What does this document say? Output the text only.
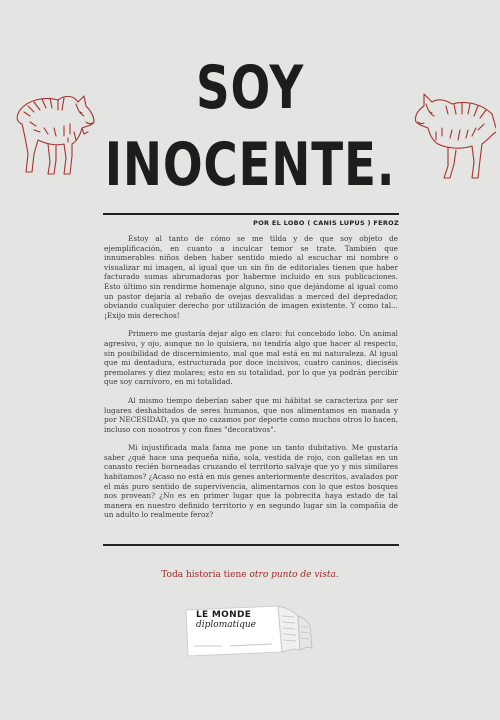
SOY
INOCENTE.
POR EL LOBO ( CANIS LUPUS ) FEROZ

Estoy al tanto de cómo se me tilda y de que soy objeto de ejemplificación, en cuanto a inculcar temor se trate. También que innumerables niños deben haber sentido miedo al escuchar mi nombre o visualizar mi imagen, al igual que un sin fin de editoriales tienen que haber facturado sumas abrumadoras por haberme incluido en sus publicaciones. Esto último sin rendirme homenaje alguno, sino que dejándome al igual como un pastor dejaría al rebaño de ovejas desvalidas a merced del depredador, obviando cualquier derecho por utilización de imagen existente. Y como tal... ¡Exijo mis derechos!

Primero me gustaría dejar algo en claro: fui concebido lobo. Un animal agresivo, y ojo, aunque no lo quisiera, no tendría algo que hacer al respecto, sin posibilidad de discernimiento, mal que mal está en mi naturaleza. Al igual que mi dentadura, estructurada por doce incisivos, cuatro caninos, dieciséis premolares y diez molares; esto en su totalidad, por lo que ya podrán percibir que soy carnívoro, en mi totalidad.

Al mismo tiempo deberían saber que mi hábitat se caracteriza por ser lugares deshabitados de seres humanos, que nos alimentamos en manada y por NECESIDAD, ya que no cazamos por deporte como muchos otros lo hacen, incluso con nosotros y con fines "decorativos".

Mi injustificada mala fama me pone un tanto dubitativo. Me gustaría saber ¿qué hace una pequeña niña, sola, vestida de rojo, con galletas en un canasto recién horneadas cruzando el territorio salvaje que yo y mis similares habitamos? ¿Acaso no está en mis genes anteriormente descritos, avalados por el más puro sentido de supervivencia, alimentarnos con lo que estos bosques nos provean? ¿No es en primer lugar que la pobrecita haya estado de tal manera en nuestro definido territorio y en segundo lugar sin la compañía de un adulto lo realmente feroz?

Toda historia tiene otro punto de vista.
LE MONDE
diplomatique
